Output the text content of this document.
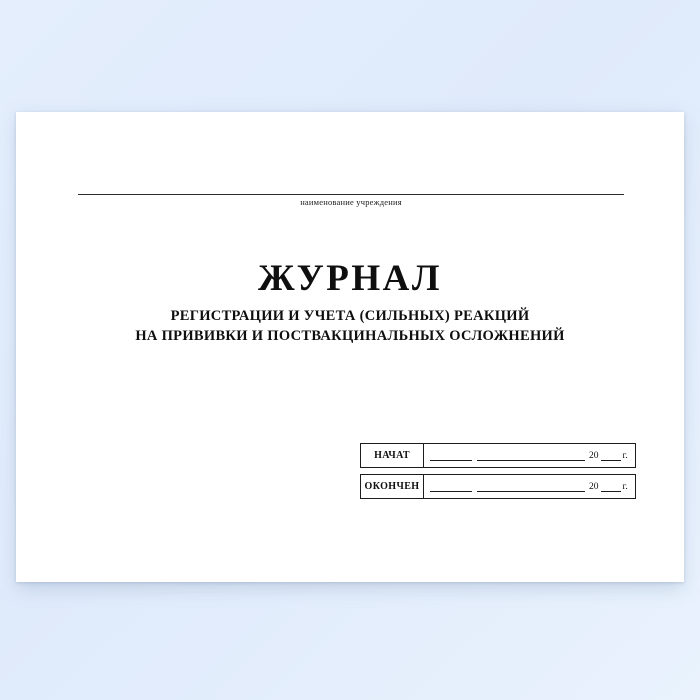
наименование учреждения
ЖУРНАЛ
РЕГИСТРАЦИИ И УЧЕТА (СИЛЬНЫХ) РЕАКЦИЙ
НА ПРИВИВКИ И ПОСТВАКЦИНАЛЬНЫХ ОСЛОЖНЕНИЙ
НАЧАТ	20	г.
ОКОНЧЕН	20	г.
